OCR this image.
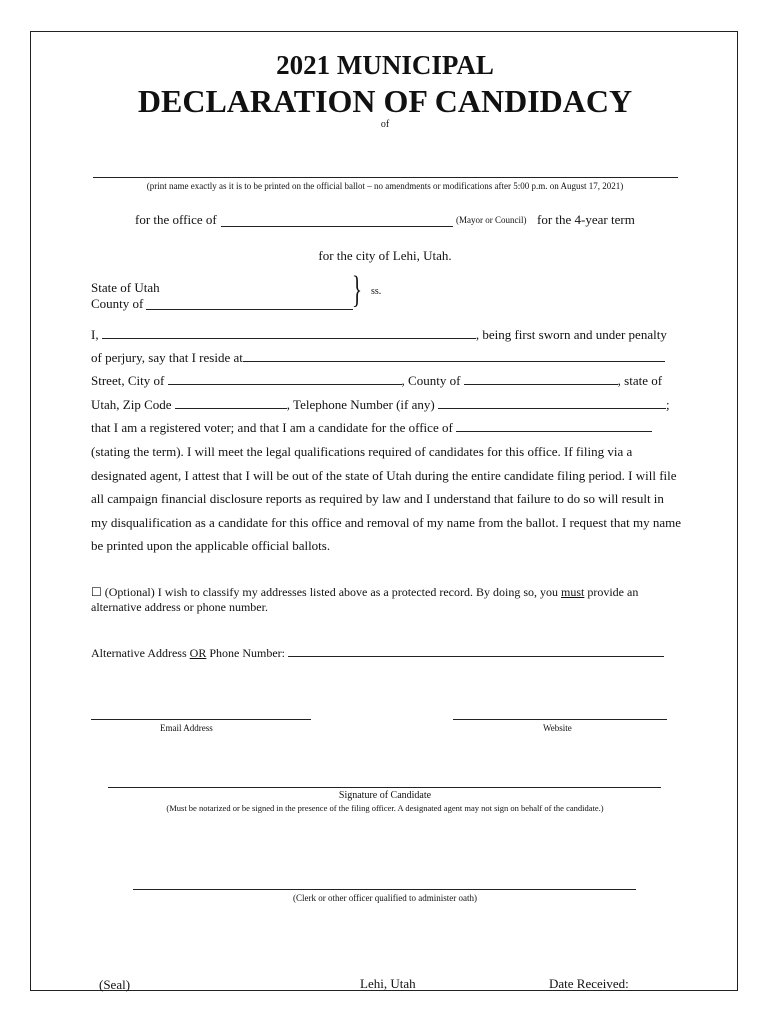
2021 MUNICIPAL
DECLARATION OF CANDIDACY
of
(print name exactly as it is to be printed on the official ballot – no amendments or modifications after 5:00 p.m. on August 17, 2021)
for the office of	(Mayor or Council) for the 4-year term
for the city of Lehi, Utah.
State of Utah
County of	} ss.
I,	, being first sworn and under penalty
of perjury, say that I reside at
Street, City of	, County of	, state of
Utah, Zip Code	, Telephone Number (if any)	;
that I am a registered voter; and that I am a candidate for the office of
(stating the term). I will meet the legal qualifications required of candidates for this office. If filing via a
designated agent, I attest that I will be out of the state of Utah during the entire candidate filing period. I will file
all campaign financial disclosure reports as required by law and I understand that failure to do so will result in
my disqualification as a candidate for this office and removal of my name from the ballot. I request that my name
be printed upon the applicable official ballots.
☐ (Optional) I wish to classify my addresses listed above as a protected record. By doing so, you must provide an
alternative address or phone number.
Alternative Address OR Phone Number:
Email Address	Website
Signature of Candidate
(Must be notarized or be signed in the presence of the filing officer. A designated agent may not sign on behalf of the candidate.)
(Clerk or other officer qualified to administer oath)
(Seal)	Lehi, Utah	Date Received:
